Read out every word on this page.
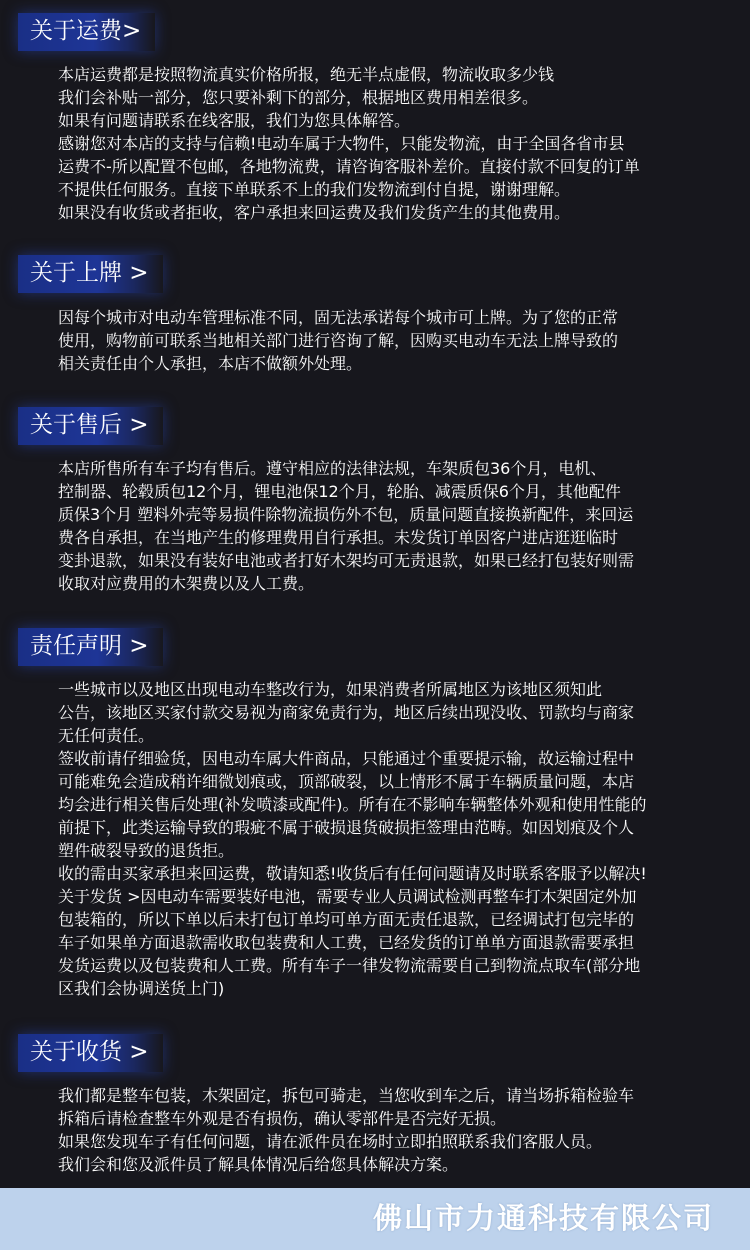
关于运费>

本店运费都是按照物流真实价格所报，绝无半点虚假，物流收取多少钱

我们会补贴一部分，您只要补剩下的部分，根据地区费用相差很多。

如果有问题请联系在线客服，我们为您具体解答。

感谢您对本店的支持与信赖!电动车属于大物件，只能发物流，由于全国各省市县

运费不-所以配置不包邮，各地物流费，请咨询客服补差价。直接付款不回复的订单

不提供任何服务。直接下单联系不上的我们发物流到付自提，谢谢理解。

如果没有收货或者拒收，客户承担来回运费及我们发货产生的其他费用。

关于上牌 >

因每个城市对电动车管理标准不同，固无法承诺每个城市可上牌。为了您的正常

使用，购物前可联系当地相关部门进行咨询了解，因购买电动车无法上牌导致的

相关责任由个人承担，本店不做额外处理。

关于售后 >

本店所售所有车子均有售后。遵守相应的法律法规，车架质包36个月，电机、

控制器、轮毂质包12个月，锂电池保12个月，轮胎、减震质保6个月，其他配件

质保3个月 塑料外壳等易损件除物流损伤外不包，质量问题直接换新配件，来回运

费各自承担，在当地产生的修理费用自行承担。未发货订单因客户进店逛逛临时

变卦退款，如果没有装好电池或者打好木架均可无责退款，如果已经打包装好则需

收取对应费用的木架费以及人工费。

责任声明 >

一些城市以及地区出现电动车整改行为，如果消费者所属地区为该地区须知此

公告，该地区买家付款交易视为商家免责行为，地区后续出现没收、罚款均与商家

无任何责任。

签收前请仔细验货，因电动车属大件商品，只能通过个重要提示输，故运输过程中

可能难免会造成稍许细微划痕或，顶部破裂，以上情形不属于车辆质量问题，本店

均会进行相关售后处理(补发喷漆或配件)。所有在不影响车辆整体外观和使用性能的

前提下，此类运输导致的瑕疵不属于破损退货破损拒签理由范畴。如因划痕及个人

塑件破裂导致的退货拒。

收的需由买家承担来回运费，敬请知悉!收货后有任何问题请及时联系客服予以解决!

关于发货 >因电动车需要装好电池，需要专业人员调试检测再整车打木架固定外加

包装箱的，所以下单以后未打包订单均可单方面无责任退款，已经调试打包完毕的

车子如果单方面退款需收取包装费和人工费，已经发货的订单单方面退款需要承担

发货运费以及包装费和人工费。所有车子一律发物流需要自己到物流点取车(部分地

区我们会协调送货上门)

关于收货 >

我们都是整车包装，木架固定，拆包可骑走，当您收到车之后，请当场拆箱检验车

拆箱后请检查整车外观是否有损伤，确认零部件是否完好无损。

如果您发现车子有任何问题，请在派件员在场时立即拍照联系我们客服人员。

我们会和您及派件员了解具体情况后给您具体解决方案。

佛山市力通科技有限公司
